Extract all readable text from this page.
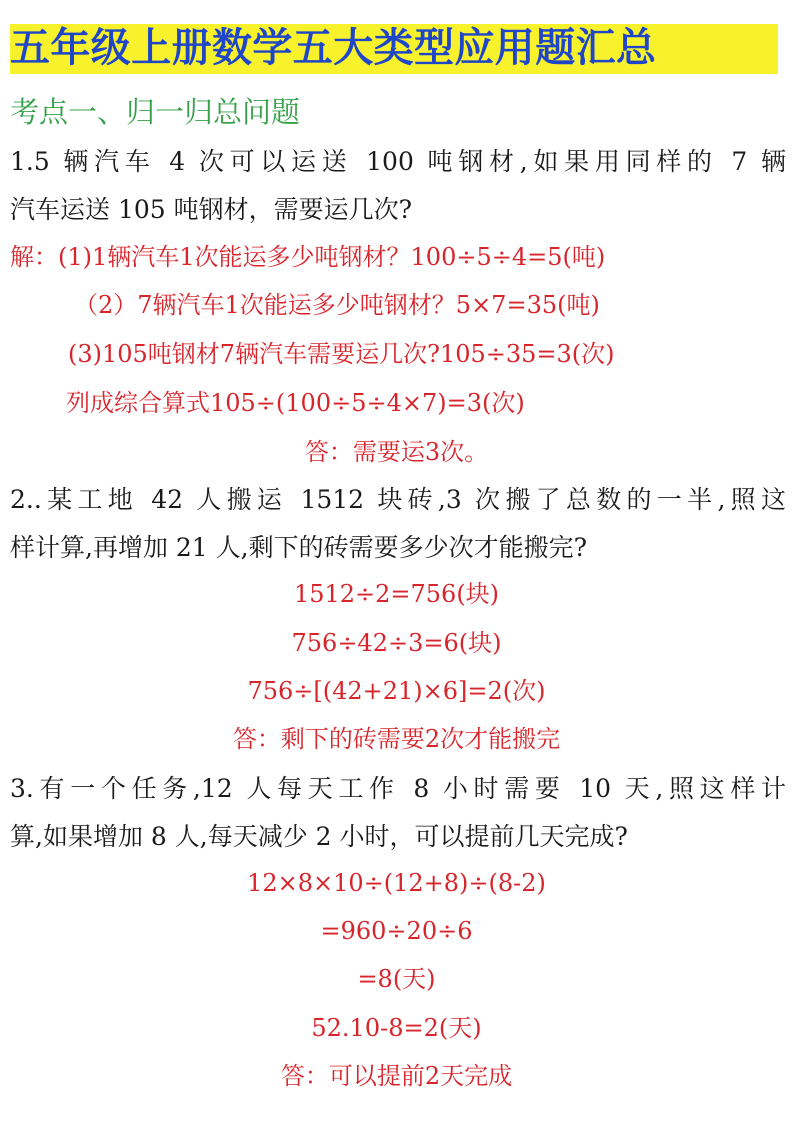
五年级上册数学五大类型应用题汇总
考点一、归一归总问题
1.5 辆汽车 4 次可以运送 100 吨钢材,如果用同样的 7 辆
汽车运送 105 吨钢材，需要运几次?
解：(1)1辆汽车1次能运多少吨钢材？100÷5÷4=5(吨)
（2）7辆汽车1次能运多少吨钢材？5×7=35(吨)
(3)105吨钢材7辆汽车需要运几次?105÷35=3(次)
列成综合算式105÷(100÷5÷4×7)=3(次)
答：需要运3次。
2..某工地 42 人搬运 1512 块砖,3 次搬了总数的一半,照这
样计算,再增加 21 人,剩下的砖需要多少次才能搬完?
1512÷2=756(块)
756÷42÷3=6(块)
756÷[(42+21)×6]=2(次)
答：剩下的砖需要2次才能搬完
3.有一个任务,12 人每天工作 8 小时需要 10 天,照这样计
算,如果增加 8 人,每天减少 2 小时，可以提前几天完成?
12×8×10÷(12+8)÷(8-2)
=960÷20÷6
=8(天)
52.10-8=2(天)
答：可以提前2天完成
